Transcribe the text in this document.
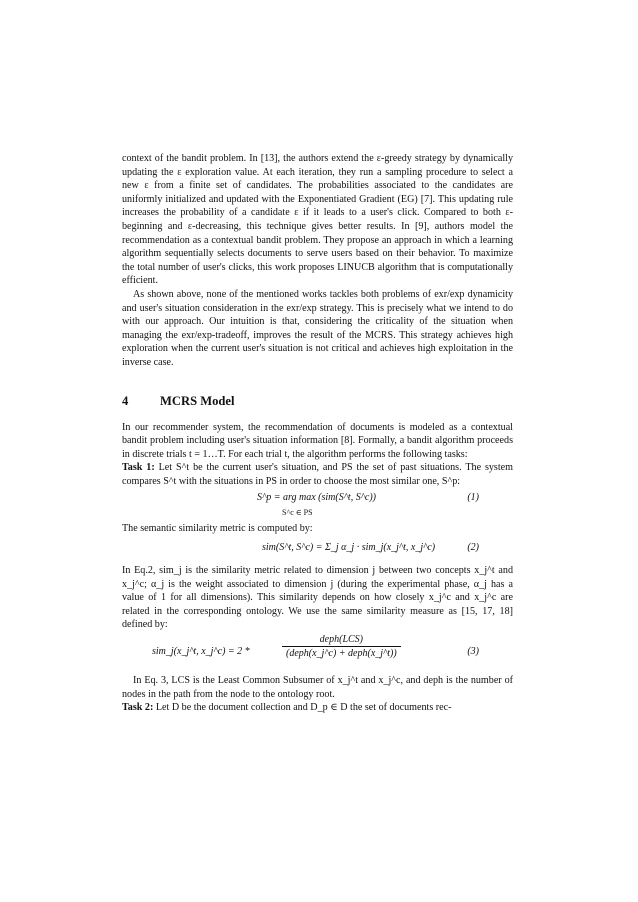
context of the bandit problem. In [13], the authors extend the ε-greedy strategy by dynamically updating the ε exploration value. At each iteration, they run a sampling procedure to select a new ε from a finite set of candidates. The probabilities associated to the candidates are uniformly initialized and updated with the Exponentiated Gradient (EG) [7]. This updating rule increases the probability of a candidate ε if it leads to a user's click. Compared to both ε-beginning and ε-decreasing, this technique gives better results. In [9], authors model the recommendation as a contextual bandit problem. They propose an approach in which a learning algorithm sequentially selects documents to serve users based on their behavior. To maximize the total number of user's clicks, this work proposes LINUCB algorithm that is computationally efficient.

As shown above, none of the mentioned works tackles both problems of exr/exp dynamicity and user's situation consideration in the exr/exp strategy. This is precisely what we intend to do with our approach. Our intuition is that, considering the criticality of the situation when managing the exr/exp-tradeoff, improves the result of the MCRS. This strategy achieves high exploration when the current user's situation is not critical and achieves high exploitation in the inverse case.

4	MCRS Model

In our recommender system, the recommendation of documents is modeled as a contextual bandit problem including user's situation information [8]. Formally, a bandit algorithm proceeds in discrete trials t = 1…T. For each trial t, the algorithm performs the following tasks:

Task 1: Let S^t be the current user's situation, and PS the set of past situations. The system compares S^t with the situations in PS in order to choose the most similar one, S^p:

S^p = arg max (sim(S^t, S^c))
S^c ∈ PS
(1)

The semantic similarity metric is computed by:

sim(S^t, S^c) = Σ_j α_j · sim_j(x_j^t, x_j^c)	(2)

In Eq.2, sim_j is the similarity metric related to dimension j between two concepts x_j^t and x_j^c; α_j is the weight associated to dimension j (during the experimental phase, α_j has a value of 1 for all dimensions). This similarity depends on how closely x_j^c and x_j^c are related in the corresponding ontology. We use the same similarity measure as [15, 17, 18] defined by:

sim_j(x_j^t, x_j^c) = 2 *	$\frac{\text{deph(LCS)}}{\text{(deph(x\_j\textasciicircum{}c) + deph(x\_j\textasciicircum{}t))}}$	(3)

In Eq. 3, LCS is the Least Common Subsumer of x_j^t and x_j^c, and deph is the number of nodes in the path from the node to the ontology root.

Task 2: Let D be the document collection and D_p ∈ D the set of documents rec-
